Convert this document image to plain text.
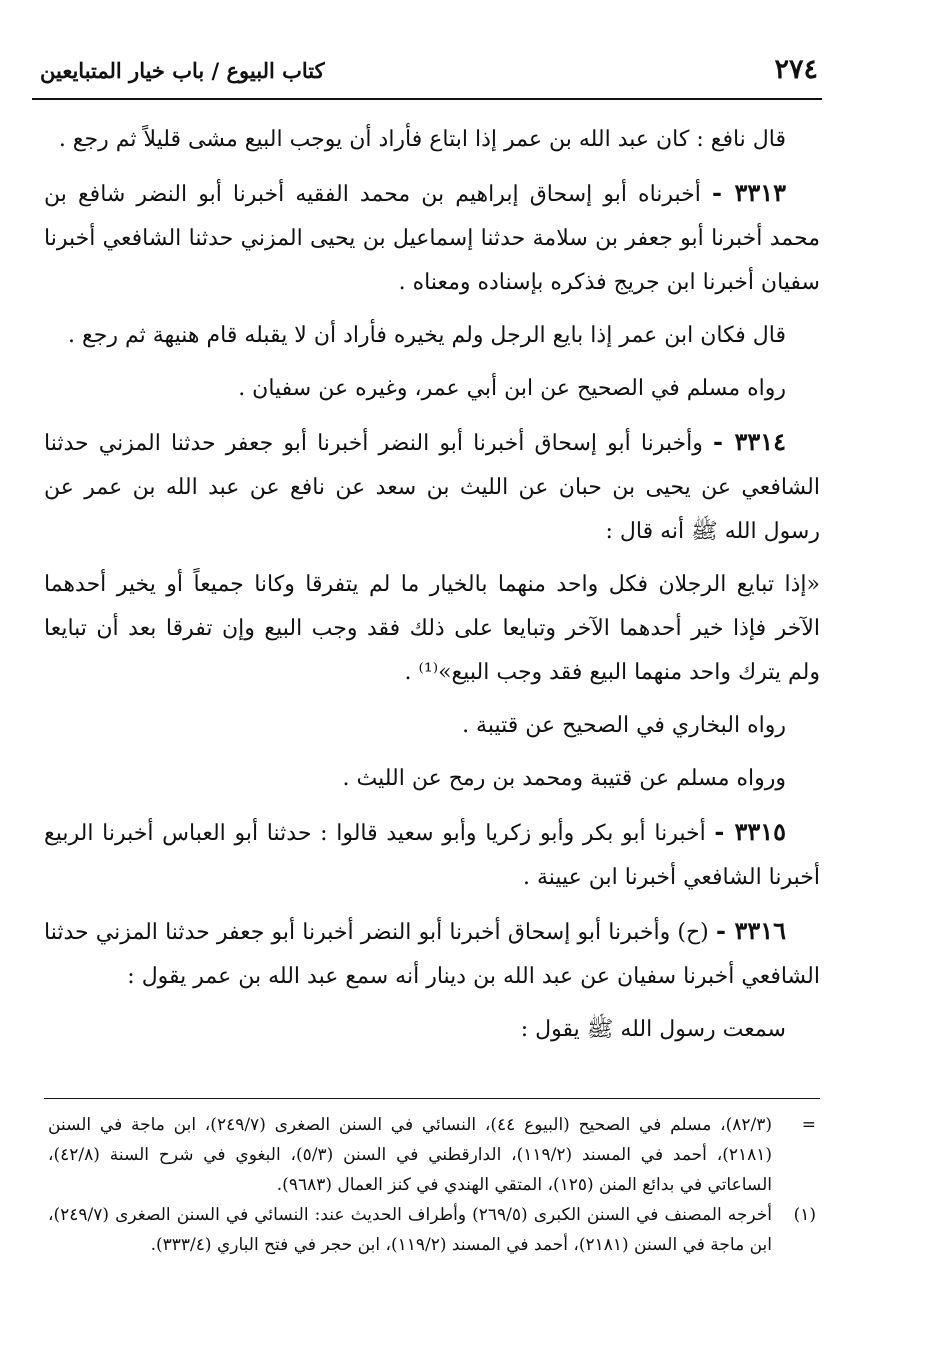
٢٧٤
كتاب البيوع / باب خيار المتبايعين

قال نافع : كان عبد الله بن عمر إذا ابتاع فأراد أن يوجب البيع مشى قليلاً ثم رجع .

٣٣١٣ - أخبرناه أبو إسحاق إبراهيم بن محمد الفقيه أخبرنا أبو النضر شافع بن محمد أخبرنا أبو جعفر بن سلامة حدثنا إسماعيل بن يحيى المزني حدثنا الشافعي أخبرنا سفيان أخبرنا ابن جريج فذكره بإسناده ومعناه .

قال فكان ابن عمر إذا بايع الرجل ولم يخيره فأراد أن لا يقبله قام هنيهة ثم رجع .

رواه مسلم في الصحيح عن ابن أبي عمر، وغيره عن سفيان .

٣٣١٤ - وأخبرنا أبو إسحاق أخبرنا أبو النضر أخبرنا أبو جعفر حدثنا المزني حدثنا الشافعي عن يحيى بن حبان عن الليث بن سعد عن نافع عن عبد الله بن عمر عن رسول الله ﷺ أنه قال :

«إذا تبايع الرجلان فكل واحد منهما بالخيار ما لم يتفرقا وكانا جميعاً أو يخير أحدهما الآخر فإذا خير أحدهما الآخر وتبايعا على ذلك فقد وجب البيع وإن تفرقا بعد أن تبايعا ولم يترك واحد منهما البيع فقد وجب البيع»⁽¹⁾ .

رواه البخاري في الصحيح عن قتيبة .

ورواه مسلم عن قتيبة ومحمد بن رمح عن الليث .

٣٣١٥ - أخبرنا أبو بكر وأبو زكريا وأبو سعيد قالوا : حدثنا أبو العباس أخبرنا الربيع أخبرنا الشافعي أخبرنا ابن عيينة .

٣٣١٦ - (ح) وأخبرنا أبو إسحاق أخبرنا أبو النضر أخبرنا أبو جعفر حدثنا المزني حدثنا الشافعي أخبرنا سفيان عن عبد الله بن دينار أنه سمع عبد الله بن عمر يقول :

سمعت رسول الله ﷺ يقول :

=
(٨٢/٣)، مسلم في الصحيح (البيوع ٤٤)، النسائي في السنن الصغرى (٢٤٩/٧)، ابن ماجة في السنن (٢١٨١)، أحمد في المسند (١١٩/٢)، الدارقطني في السنن (٥/٣)، البغوي في شرح السنة (٤٢/٨)، الساعاتي في بدائع المنن (١٢٥)، المتقي الهندي في كنز العمال (٩٦٨٣).

(١)
أخرجه المصنف في السنن الكبرى (٢٦٩/٥) وأطراف الحديث عند: النسائي في السنن الصغرى (٢٤٩/٧)، ابن ماجة في السنن (٢١٨١)، أحمد في المسند (١١٩/٢)، ابن حجر في فتح الباري (٣٣٣/٤).
